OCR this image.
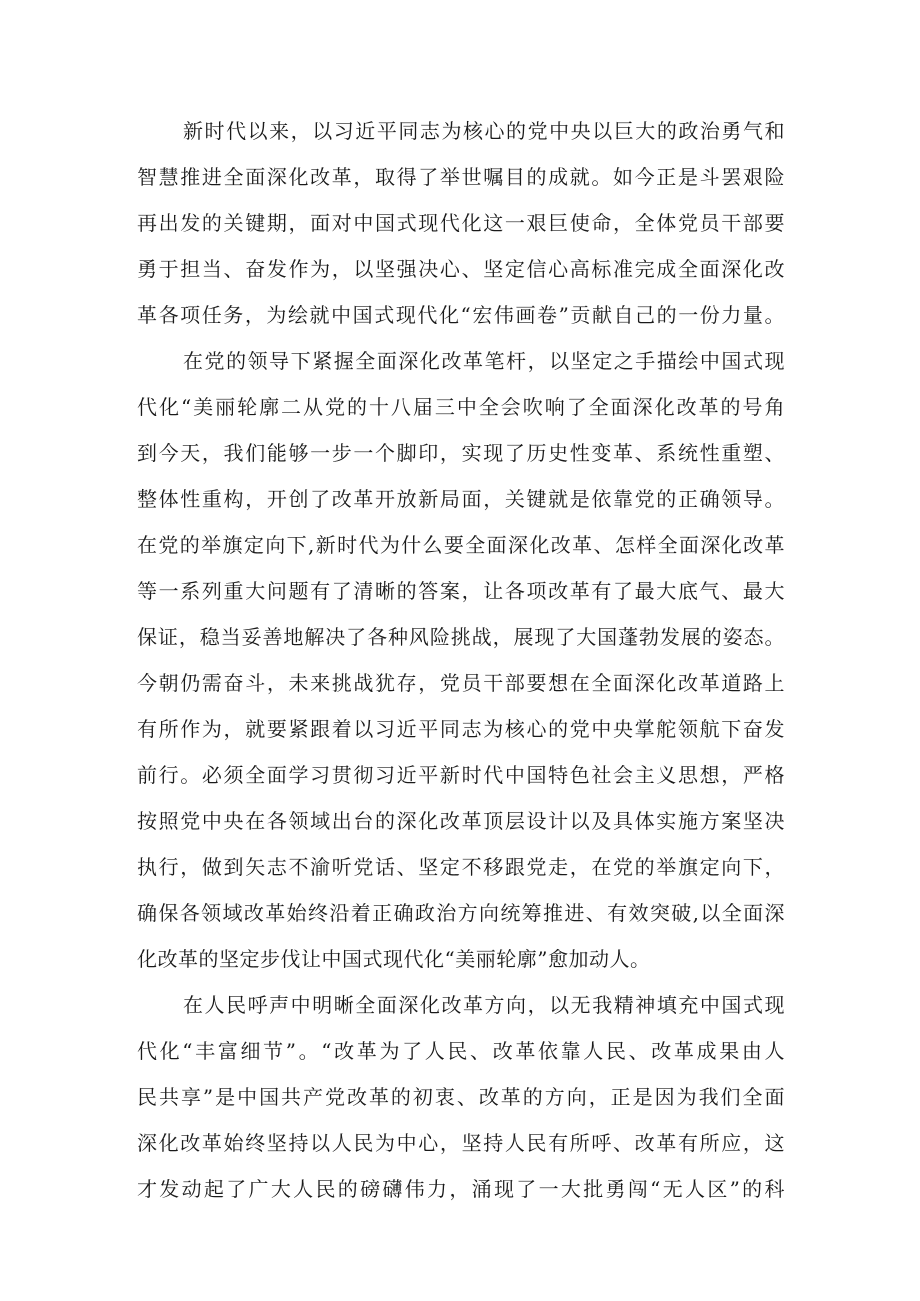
新时代以来，以习近平同志为核心的党中央以巨大的政治勇气和
智慧推进全面深化改革，取得了举世嘱目的成就。如今正是斗罢艰险
再出发的关键期，面对中国式现代化这一艰巨使命，全体党员干部要
勇于担当、奋发作为，以坚强决心、坚定信心高标准完成全面深化改
革各项任务，为绘就中国式现代化“宏伟画卷”贡献自己的一份力量。
在党的领导下紧握全面深化改革笔杆，以坚定之手描绘中国式现
代化“美丽轮廓二从党的十八届三中全会吹响了全面深化改革的号角
到今天，我们能够一步一个脚印，实现了历史性变革、系统性重塑、
整体性重构，开创了改革开放新局面，关键就是依靠党的正确领导。
在党的举旗定向下,新时代为什么要全面深化改革、怎样全面深化改革
等一系列重大问题有了清晰的答案，让各项改革有了最大底气、最大
保证，稳当妥善地解决了各种风险挑战，展现了大国蓬勃发展的姿态。
今朝仍需奋斗，未来挑战犹存，党员干部要想在全面深化改革道路上
有所作为，就要紧跟着以习近平同志为核心的党中央掌舵领航下奋发
前行。必须全面学习贯彻习近平新时代中国特色社会主义思想，严格
按照党中央在各领域出台的深化改革顶层设计以及具体实施方案坚决
执行，做到矢志不渝听党话、坚定不移跟党走，在党的举旗定向下，
确保各领域改革始终沿着正确政治方向统筹推进、有效突破,以全面深
化改革的坚定步伐让中国式现代化“美丽轮廓”愈加动人。
在人民呼声中明晰全面深化改革方向，以无我精神填充中国式现
代化“丰富细节”。“改革为了人民、改革依靠人民、改革成果由人
民共享”是中国共产党改革的初衷、改革的方向，正是因为我们全面
深化改革始终坚持以人民为中心，坚持人民有所呼、改革有所应，这
才发动起了广大人民的磅礴伟力，涌现了一大批勇闯“无人区”的科
